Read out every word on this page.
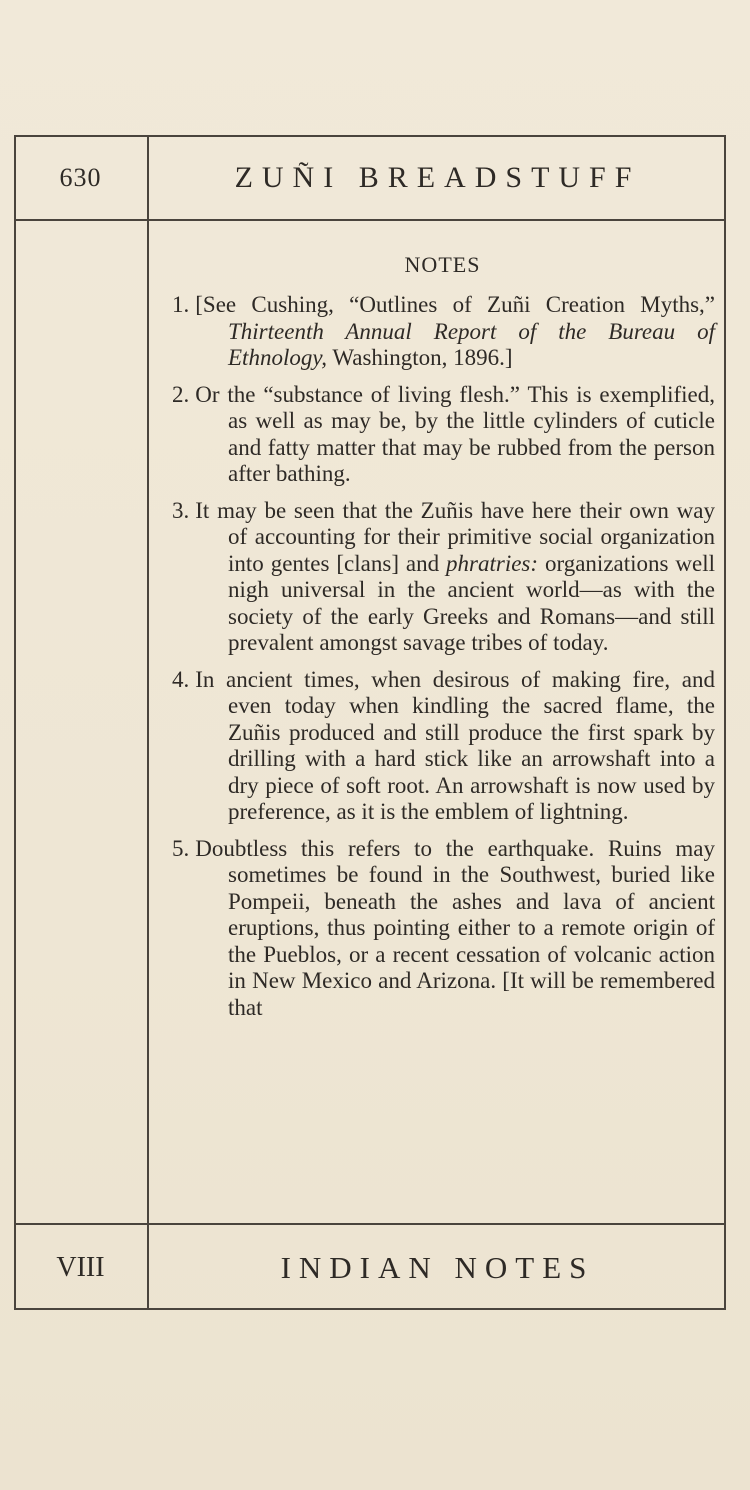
630	ZUÑI BREADSTUFF
NOTES

1. [See Cushing, “Outlines of Zuñi Creation Myths,” Thirteenth Annual Report of the Bureau of Ethnology, Washington, 1896.]

2. Or the “substance of living flesh.” This is exemplified, as well as may be, by the little cylinders of cuticle and fatty matter that may be rubbed from the person after bathing.

3. It may be seen that the Zuñis have here their own way of accounting for their primitive social organization into gentes [clans] and phratries: organizations well nigh universal in the ancient world—as with the society of the early Greeks and Romans—and still prevalent amongst savage tribes of today.

4. In ancient times, when desirous of making fire, and even today when kindling the sacred flame, the Zuñis produced and still produce the first spark by drilling with a hard stick like an arrowshaft into a dry piece of soft root. An arrowshaft is now used by preference, as it is the emblem of lightning.

5. Doubtless this refers to the earthquake. Ruins may sometimes be found in the Southwest, buried like Pompeii, beneath the ashes and lava of ancient eruptions, thus pointing either to a remote origin of the Pueblos, or a recent cessation of volcanic action in New Mexico and Arizona. [It will be remembered that

VIII	INDIAN NOTES
